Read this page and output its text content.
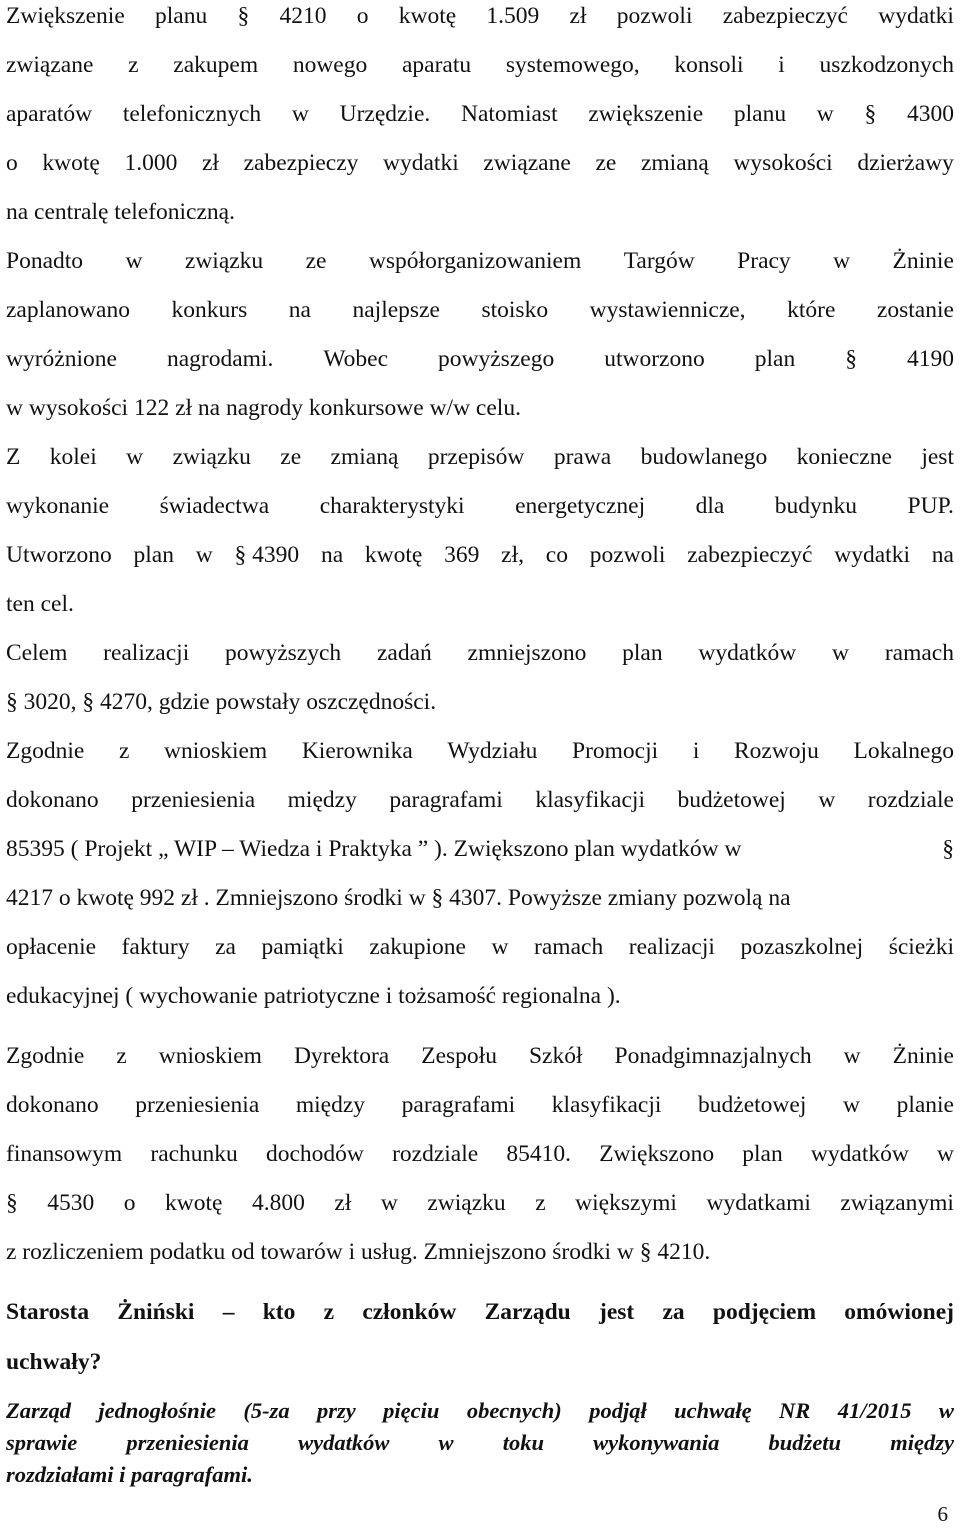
Zwiększenie planu § 4210 o kwotę 1.509 zł pozwoli zabezpieczyć wydatki
związane z zakupem nowego aparatu systemowego, konsoli i uszkodzonych
aparatów telefonicznych w Urzędzie. Natomiast zwiększenie planu w § 4300
o kwotę 1.000 zł zabezpieczy wydatki związane ze zmianą wysokości dzierżawy
na centralę telefoniczną.
Ponadto w związku ze współorganizowaniem Targów Pracy w Żninie
zaplanowano konkurs na najlepsze stoisko wystawiennicze, które zostanie
wyróżnione nagrodami. Wobec powyższego utworzono plan § 4190
w wysokości 122 zł na nagrody konkursowe w/w celu.
Z kolei w związku ze zmianą przepisów prawa budowlanego konieczne jest
wykonanie świadectwa charakterystyki energetycznej dla budynku PUP.
Utworzono plan w § 4390 na kwotę 369 zł, co pozwoli zabezpieczyć wydatki na
ten cel.
Celem realizacji powyższych zadań zmniejszono plan wydatków w ramach
§ 3020, § 4270, gdzie powstały oszczędności.
Zgodnie z wnioskiem Kierownika Wydziału Promocji i Rozwoju Lokalnego
dokonano przeniesienia między paragrafami klasyfikacji budżetowej w rozdziale
85395 ( Projekt „ WIP – Wiedza i Praktyka ” ). Zwiększono plan wydatków w	§
4217 o kwotę 992 zł . Zmniejszono środki w § 4307. Powyższe zmiany pozwolą na
opłacenie faktury za pamiątki zakupione w ramach realizacji pozaszkolnej ścieżki
edukacyjnej ( wychowanie patriotyczne i tożsamość regionalna ).
Zgodnie z wnioskiem Dyrektora Zespołu Szkół Ponadgimnazjalnych w Żninie
dokonano przeniesienia między paragrafami klasyfikacji budżetowej w planie
finansowym rachunku dochodów rozdziale 85410. Zwiększono plan wydatków w
§ 4530 o kwotę 4.800 zł w związku z większymi wydatkami związanymi
z rozliczeniem podatku od towarów i usług. Zmniejszono środki w § 4210.
Starosta Żniński – kto z członków Zarządu jest za podjęciem omówionej
uchwały?
Zarząd jednogłośnie (5-za przy pięciu obecnych) podjął uchwałę NR 41/2015 w
sprawie przeniesienia wydatków w toku wykonywania budżetu między
rozdziałami i paragrafami.
6
